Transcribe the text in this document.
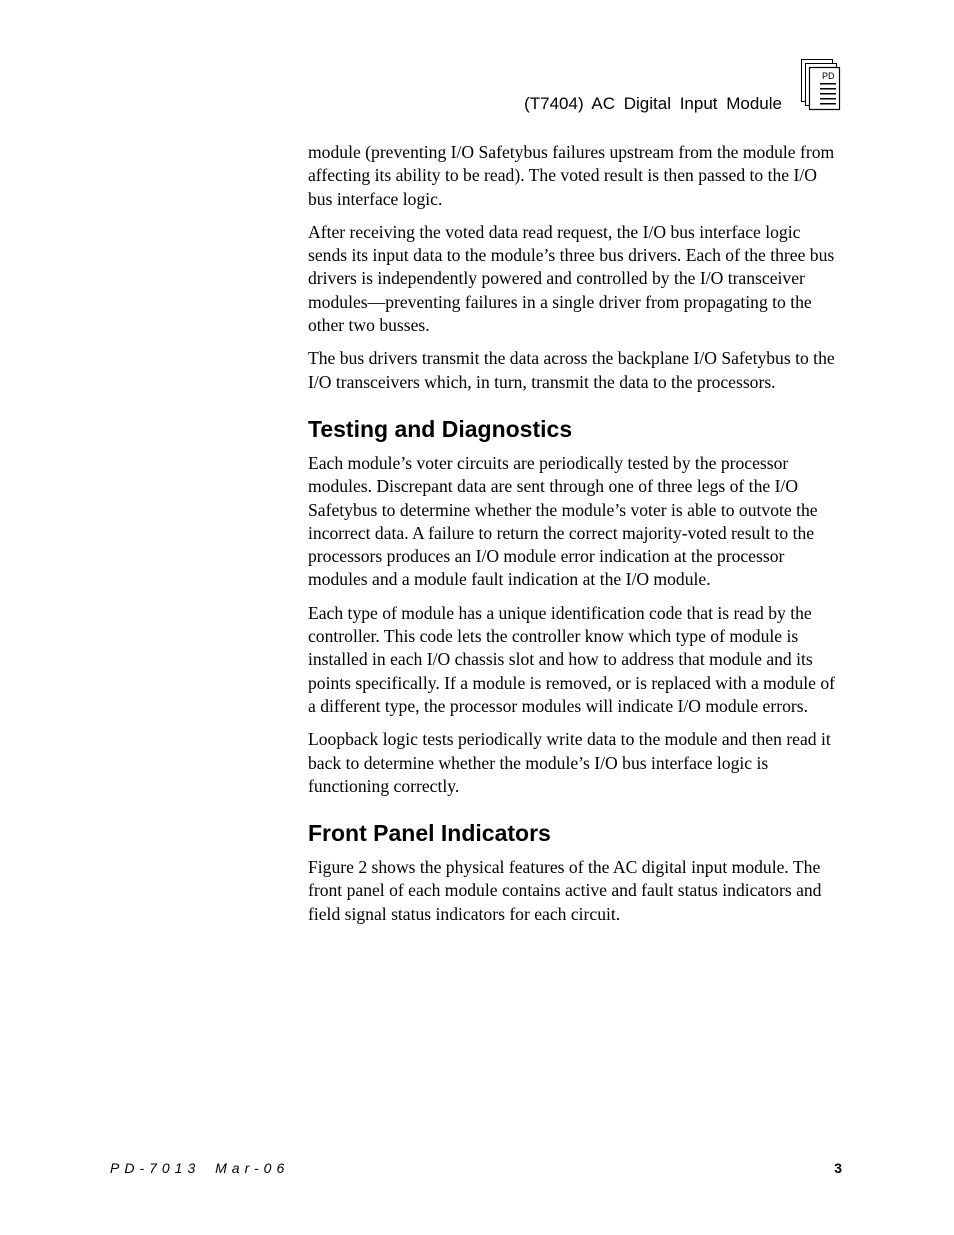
(T7404) AC Digital Input Module
PD

module (preventing I/O Safetybus failures upstream from the module from affecting its ability to be read). The voted result is then passed to the I/O bus interface logic.

After receiving the voted data read request, the I/O bus interface logic sends its input data to the module’s three bus drivers. Each of the three bus drivers is independently powered and controlled by the I/O transceiver modules—preventing failures in a single driver from propagating to the other two busses.

The bus drivers transmit the data across the backplane I/O Safetybus to the I/O transceivers which, in turn, transmit the data to the processors.

Testing and Diagnostics

Each module’s voter circuits are periodically tested by the processor modules. Discrepant data are sent through one of three legs of the I/O Safetybus to determine whether the module’s voter is able to outvote the incorrect data. A failure to return the correct majority-voted result to the processors produces an I/O module error indication at the processor modules and a module fault indication at the I/O module.

Each type of module has a unique identification code that is read by the controller. This code lets the controller know which type of module is installed in each I/O chassis slot and how to address that module and its points specifically. If a module is removed, or is replaced with a module of a different type, the processor modules will indicate I/O module errors.

Loopback logic tests periodically write data to the module and then read it back to determine whether the module’s I/O bus interface logic is functioning correctly.

Front Panel Indicators

Figure 2 shows the physical features of the AC digital input module. The front panel of each module contains active and fault status indicators and field signal status indicators for each circuit.

PD-7013 Mar-06	3
